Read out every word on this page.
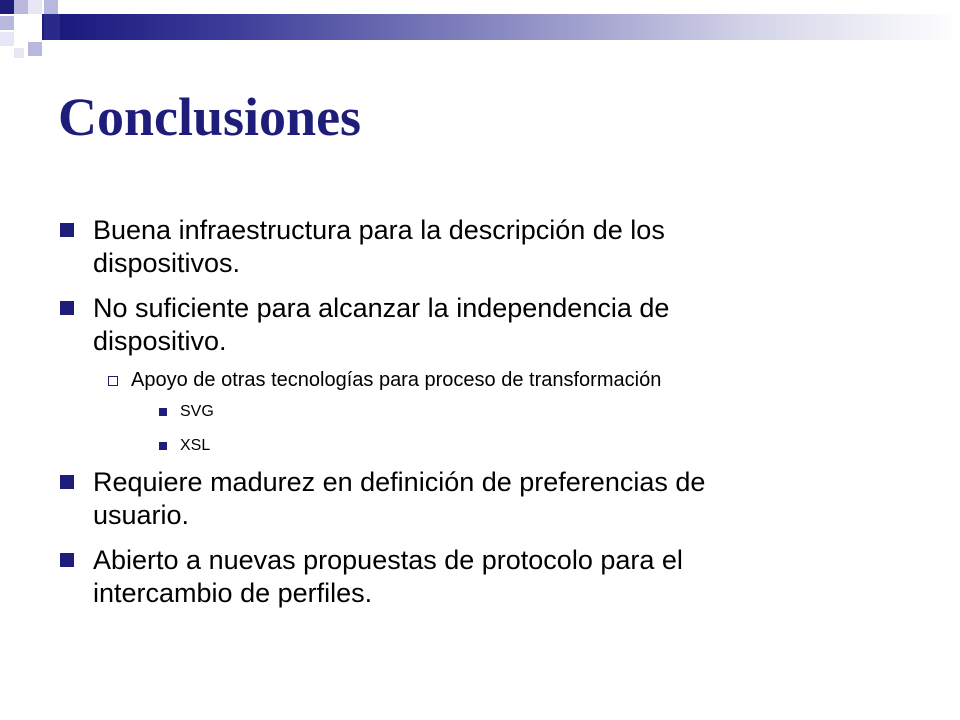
Conclusiones
Buena infraestructura para la descripción de los
dispositivos.
No suficiente para alcanzar la independencia de
dispositivo.
Apoyo de otras tecnologías para proceso de transformación
SVG
XSL
Requiere madurez en definición de preferencias de
usuario.
Abierto a nuevas propuestas de protocolo para el
intercambio de perfiles.
